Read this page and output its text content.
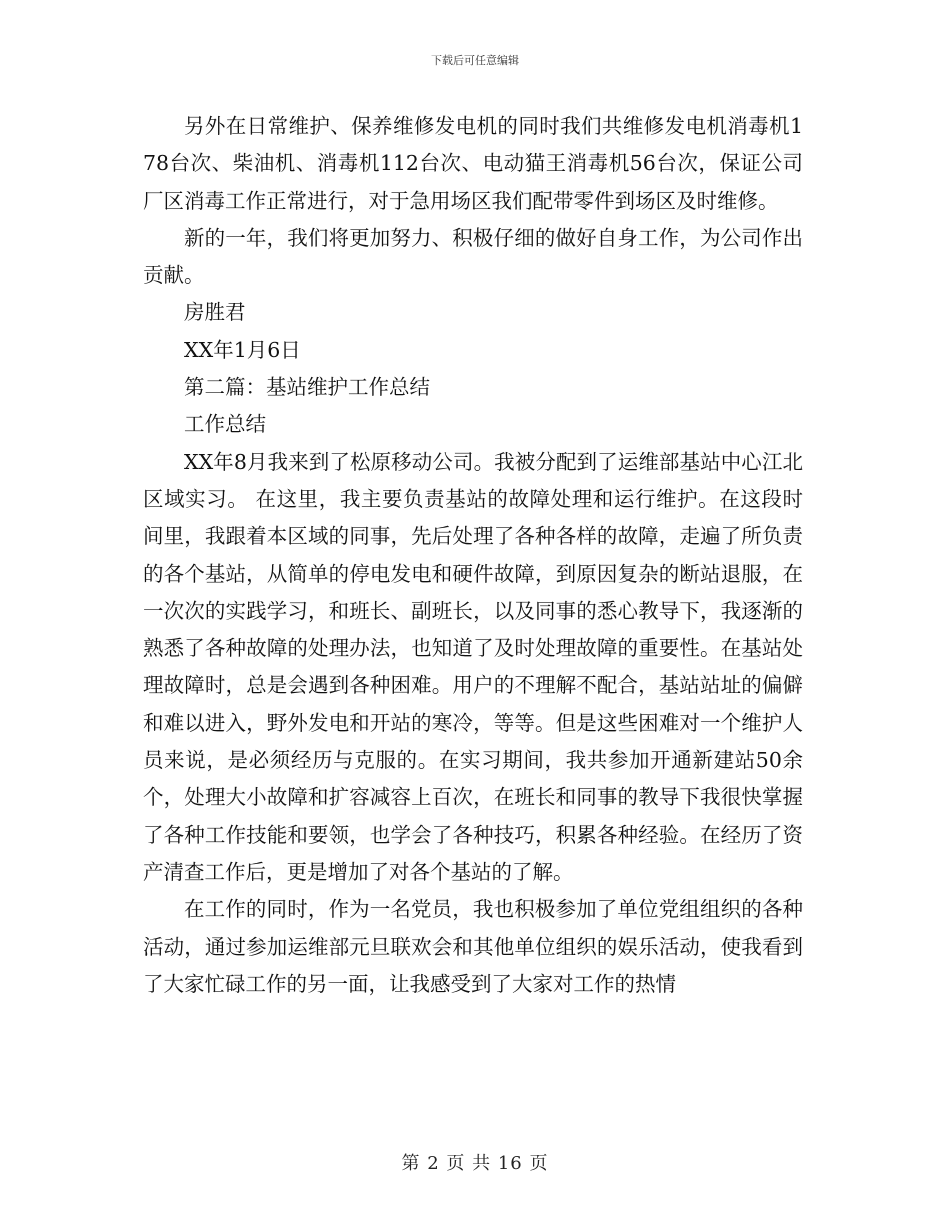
下载后可任意编辑

另外在日常维护、保养维修发电机的同时我们共维修发电机消毒机178台次、柴油机、消毒机112台次、电动猫王消毒机56台次，保证公司厂区消毒工作正常进行，对于急用场区我们配带零件到场区及时维修。

新的一年，我们将更加努力、积极仔细的做好自身工作，为公司作出贡献。

房胜君

XX年1月6日

第二篇：基站维护工作总结

工作总结

XX年8月我来到了松原移动公司。我被分配到了运维部基站中心江北区域实习。 在这里，我主要负责基站的故障处理和运行维护。在这段时间里，我跟着本区域的同事，先后处理了各种各样的故障，走遍了所负责的各个基站，从简单的停电发电和硬件故障，到原因复杂的断站退服，在一次次的实践学习，和班长、副班长，以及同事的悉心教导下，我逐渐的熟悉了各种故障的处理办法，也知道了及时处理故障的重要性。在基站处理故障时，总是会遇到各种困难。用户的不理解不配合，基站站址的偏僻和难以进入，野外发电和开站的寒冷，等等。但是这些困难对一个维护人员来说，是必须经历与克服的。在实习期间，我共参加开通新建站50余个，处理大小故障和扩容减容上百次，在班长和同事的教导下我很快掌握了各种工作技能和要领，也学会了各种技巧，积累各种经验。在经历了资产清查工作后，更是增加了对各个基站的了解。

在工作的同时，作为一名党员，我也积极参加了单位党组组织的各种活动，通过参加运维部元旦联欢会和其他单位组织的娱乐活动，使我看到了大家忙碌工作的另一面，让我感受到了大家对工作的热情

第 2 页 共 16 页
